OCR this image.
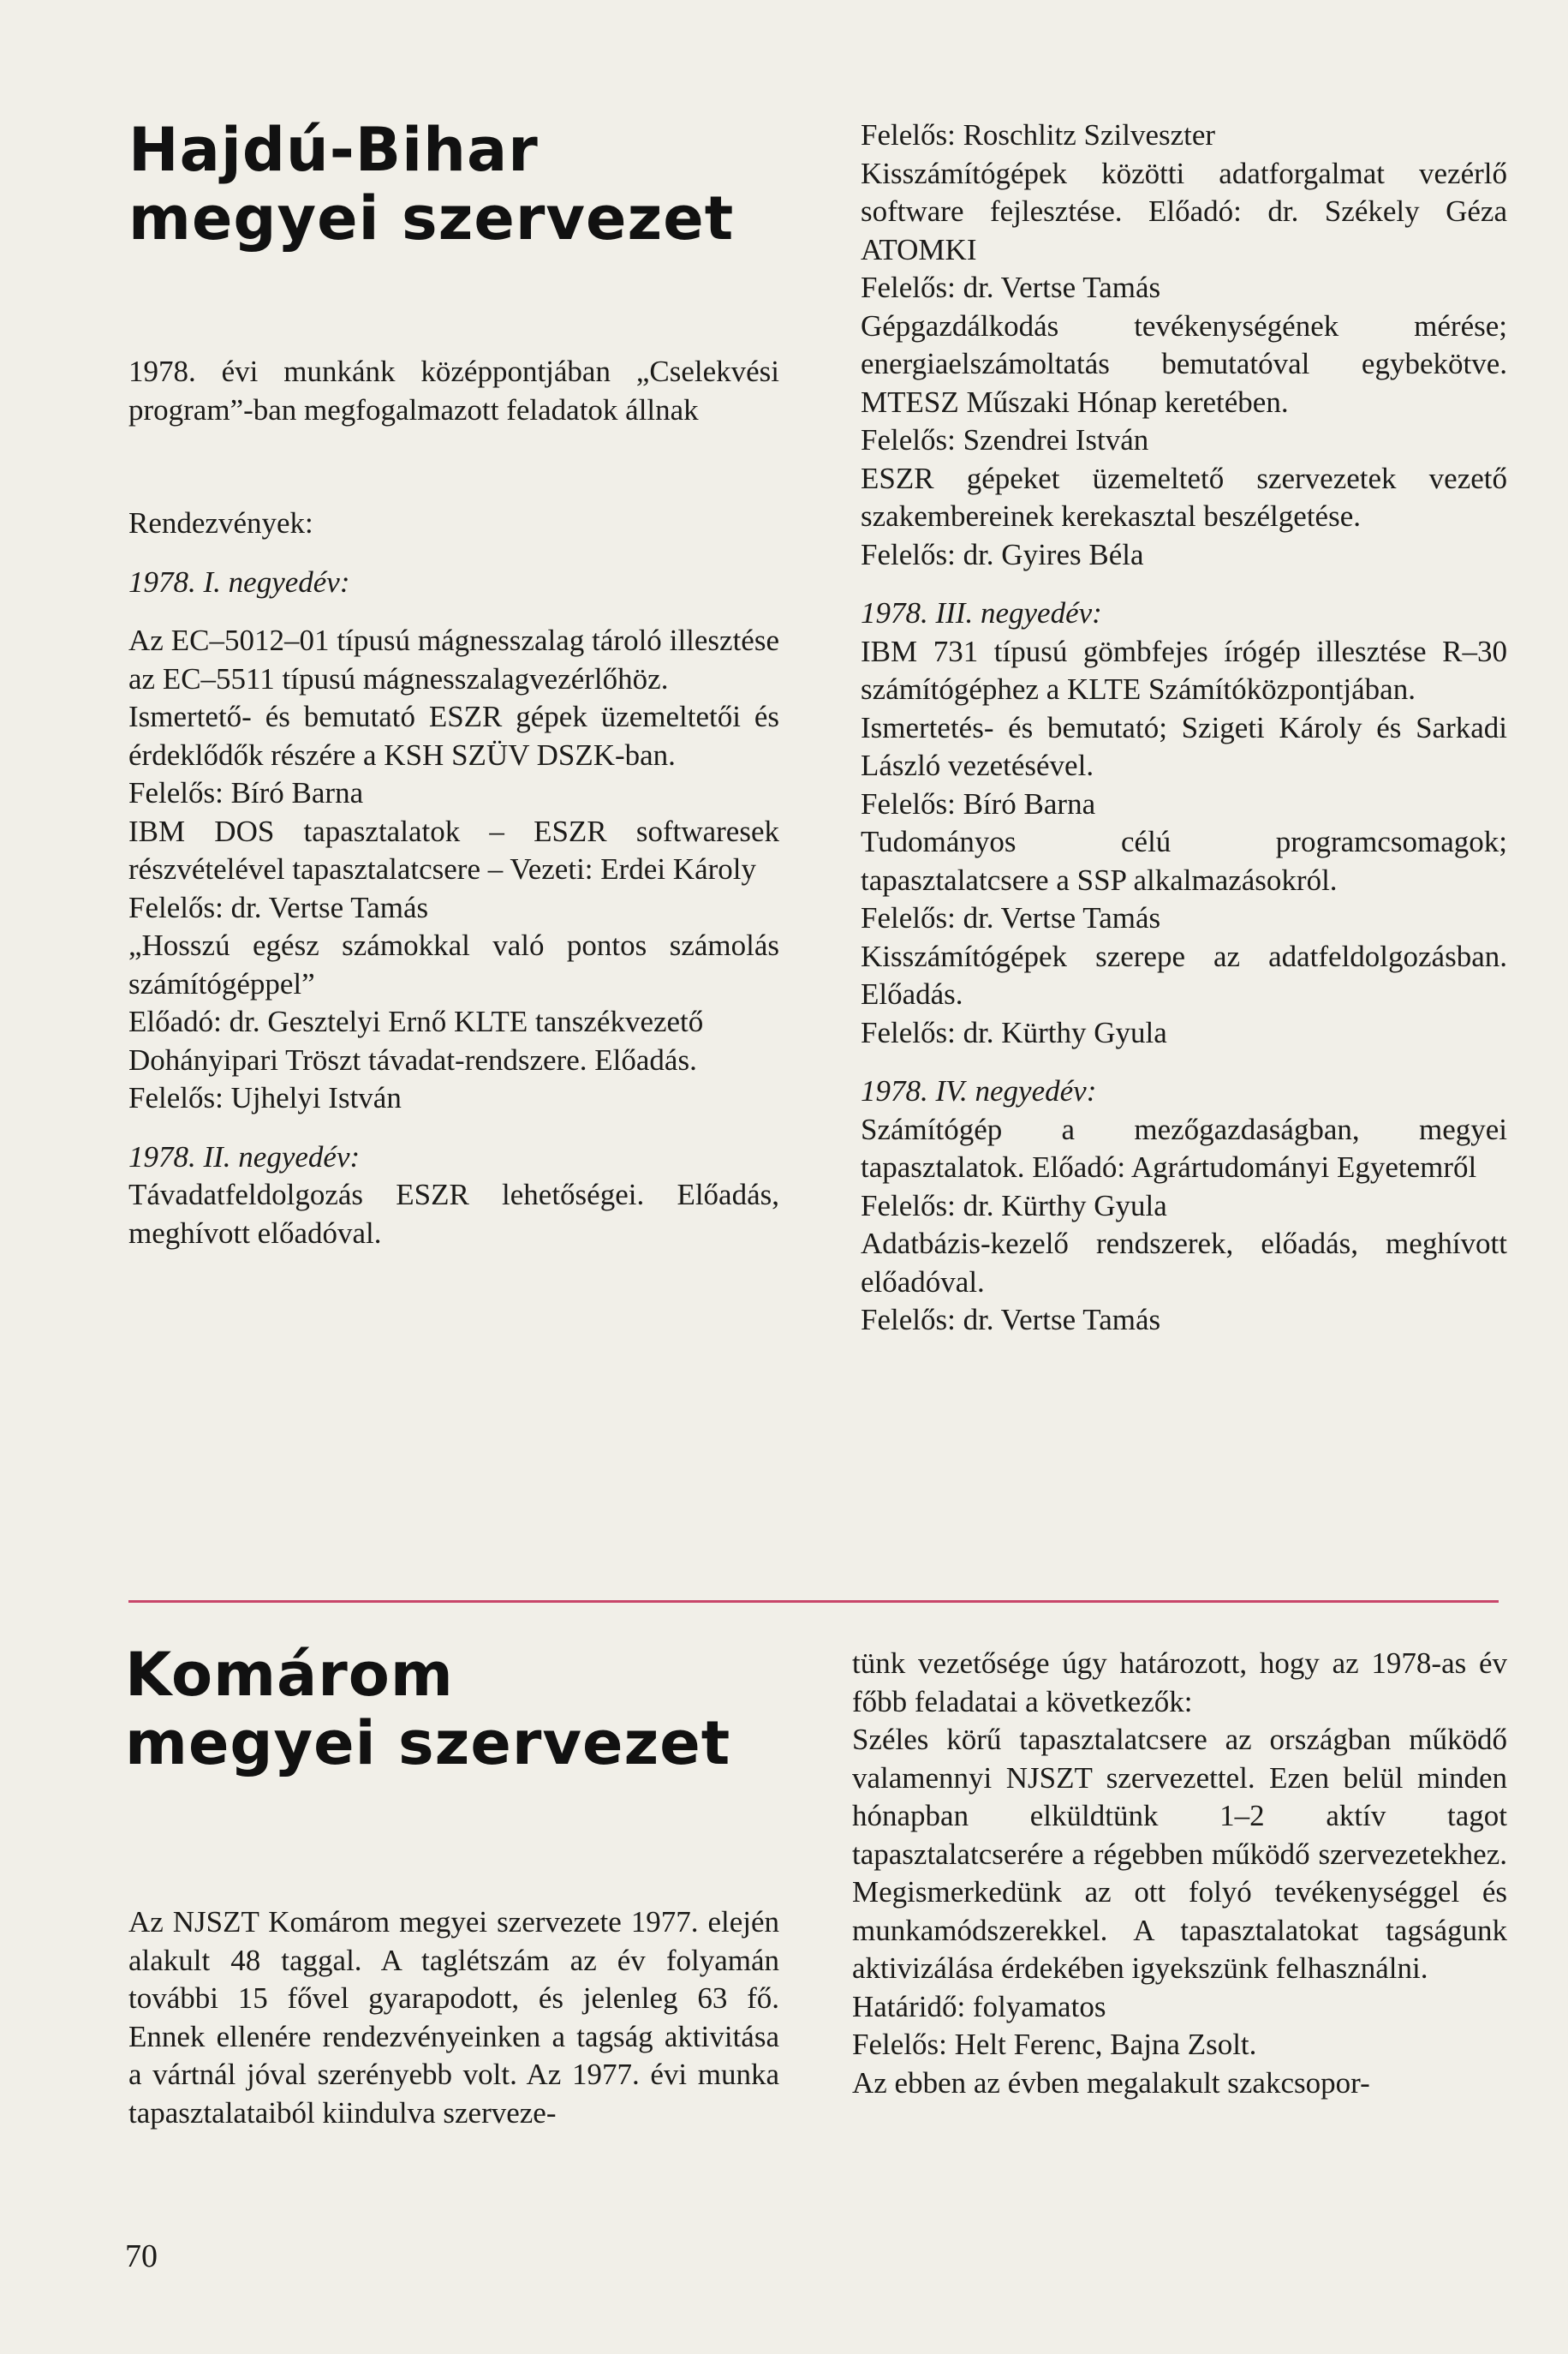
Hajdú-Bihar
megyei szervezet

1978. évi munkánk középpontjában „Cselekvési program”-ban megfogalmazott feladatok állnak

Rendezvények:

1978. I. negyedév:

Az EC–5012–01 típusú mágnesszalag tároló illesztése az EC–5511 típusú mágnesszalagvezérlőhöz.

Ismertető- és bemutató ESZR gépek üzemeltetői és érdeklődők részére a KSH SZÜV DSZK-ban.

Felelős: Bíró Barna

IBM DOS tapasztalatok – ESZR softwaresek részvételével tapasztalatcsere – Vezeti: Erdei Károly

Felelős: dr. Vertse Tamás

„Hosszú egész számokkal való pontos számolás számítógéppel”

Előadó: dr. Gesztelyi Ernő KLTE tanszékvezető

Dohányipari Tröszt távadat-rendszere. Előadás.

Felelős: Ujhelyi István

1978. II. negyedév:

Távadatfeldolgozás ESZR lehetőségei. Előadás, meghívott előadóval.

Felelős: Roschlitz Szilveszter

Kisszámítógépek közötti adatforgalmat vezérlő software fejlesztése. Előadó: dr. Székely Géza ATOMKI

Felelős: dr. Vertse Tamás

Gépgazdálkodás tevékenységének mérése; energiaelszámoltatás bemutatóval egybekötve. MTESZ Műszaki Hónap keretében.

Felelős: Szendrei István

ESZR gépeket üzemeltető szervezetek vezető szakembereinek kerekasztal beszélgetése.

Felelős: dr. Gyires Béla

1978. III. negyedév:

IBM 731 típusú gömbfejes írógép illesztése R–30 számítógéphez a KLTE Számítóközpontjában.

Ismertetés- és bemutató; Szigeti Károly és Sarkadi László vezetésével.

Felelős: Bíró Barna

Tudományos célú programcsomagok; tapasztalatcsere a SSP alkalmazásokról.

Felelős: dr. Vertse Tamás

Kisszámítógépek szerepe az adatfeldolgozásban. Előadás.

Felelős: dr. Kürthy Gyula

1978. IV. negyedév:

Számítógép a mezőgazdaságban, megyei tapasztalatok. Előadó: Agrártudományi Egyetemről

Felelős: dr. Kürthy Gyula

Adatbázis-kezelő rendszerek, előadás, meghívott előadóval.

Felelős: dr. Vertse Tamás

Komárom
megyei szervezet

Az NJSZT Komárom megyei szervezete 1977. elején alakult 48 taggal. A taglétszám az év folyamán további 15 fővel gyarapodott, és jelenleg 63 fő. Ennek ellenére rendezvényeinken a tagság aktivitása a vártnál jóval szerényebb volt. Az 1977. évi munka tapasztalataiból kiindulva szerveze-

tünk vezetősége úgy határozott, hogy az 1978-as év főbb feladatai a következők:

Széles körű tapasztalatcsere az országban működő valamennyi NJSZT szervezettel. Ezen belül minden hónapban elküldtünk 1–2 aktív tagot tapasztalatcserére a régebben működő szervezetekhez. Megismerkedünk az ott folyó tevékenységgel és munkamódszerekkel. A tapasztalatokat tagságunk aktivizálása érdekében igyekszünk felhasználni.

Határidő: folyamatos

Felelős: Helt Ferenc, Bajna Zsolt.

Az ebben az évben megalakult szakcsopor-

70
